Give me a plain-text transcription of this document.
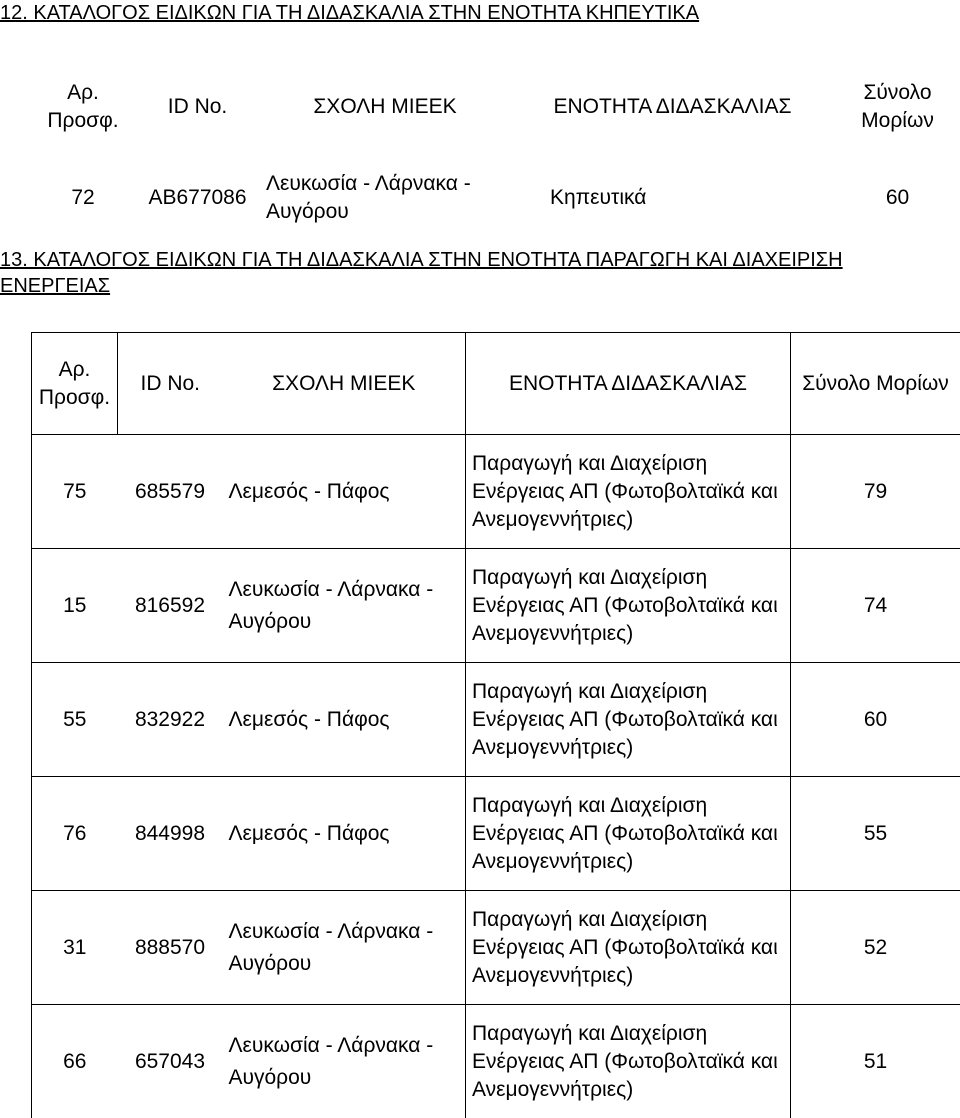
12. ΚΑΤΑΛΟΓΟΣ ΕΙΔΙΚΩΝ ΓΙΑ ΤΗ ΔΙΔΑΣΚΑΛΙΑ ΣΤΗΝ ΕΝΟΤΗΤΑ ΚΗΠΕΥΤΙΚΑ
Αρ. Προσφ.	ID No.	ΣΧΟΛΗ ΜΙΕΕΚ	ΕΝΟΤΗΤΑ ΔΙΔΑΣΚΑΛΙΑΣ	Σύνολο Μορίων
72	ΑΒ677086	Λευκωσία - Λάρνακα - Αυγόρου	Κηπευτικά	60
13. ΚΑΤΑΛΟΓΟΣ ΕΙΔΙΚΩΝ ΓΙΑ ΤΗ ΔΙΔΑΣΚΑΛΙΑ ΣΤΗΝ ΕΝΟΤΗΤΑ ΠΑΡΑΓΩΓΗ ΚΑΙ ΔΙΑΧΕΙΡΙΣΗ ΕΝΕΡΓΕΙΑΣ
Αρ. Προσφ.	ID No.	ΣΧΟΛΗ ΜΙΕΕΚ	ΕΝΟΤΗΤΑ ΔΙΔΑΣΚΑΛΙΑΣ	Σύνολο Μορίων
75	685579	Λεμεσός - Πάφος	Παραγωγή και Διαχείριση Ενέργειας ΑΠ (Φωτοβολταϊκά και Ανεμογεννήτριες)	79
15	816592	Λευκωσία - Λάρνακα - Αυγόρου	Παραγωγή και Διαχείριση Ενέργειας ΑΠ (Φωτοβολταϊκά και Ανεμογεννήτριες)	74
55	832922	Λεμεσός - Πάφος	Παραγωγή και Διαχείριση Ενέργειας ΑΠ (Φωτοβολταϊκά και Ανεμογεννήτριες)	60
76	844998	Λεμεσός - Πάφος	Παραγωγή και Διαχείριση Ενέργειας ΑΠ (Φωτοβολταϊκά και Ανεμογεννήτριες)	55
31	888570	Λευκωσία - Λάρνακα - Αυγόρου	Παραγωγή και Διαχείριση Ενέργειας ΑΠ (Φωτοβολταϊκά και Ανεμογεννήτριες)	52
66	657043	Λευκωσία - Λάρνακα - Αυγόρου	Παραγωγή και Διαχείριση Ενέργειας ΑΠ (Φωτοβολταϊκά και Ανεμογεννήτριες)	51
